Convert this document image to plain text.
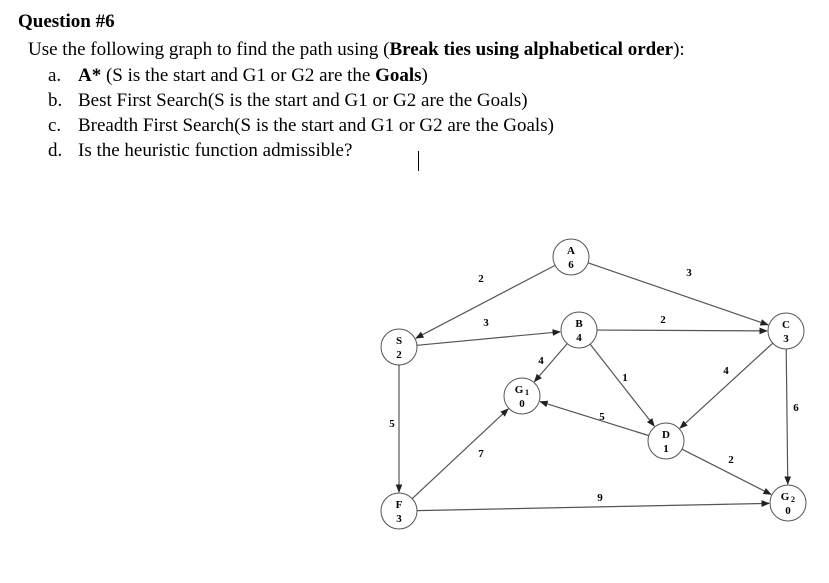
Question #6
Use the following graph to find the path using (Break ties using alphabetical order):
a. A* (S is the start and G1 or G2 are the Goals)
b. Best First Search(S is the start and G1 or G2 are the Goals)
c. Breadth First Search(S is the start and G1 or G2 are the Goals)
d. Is the heuristic function admissible?
2
3
5
3
2
4
1
5
4
6
2
7
9
S
2
A
6
B
4
C
3
D
1
F
3
G 1
0
G 2
0
